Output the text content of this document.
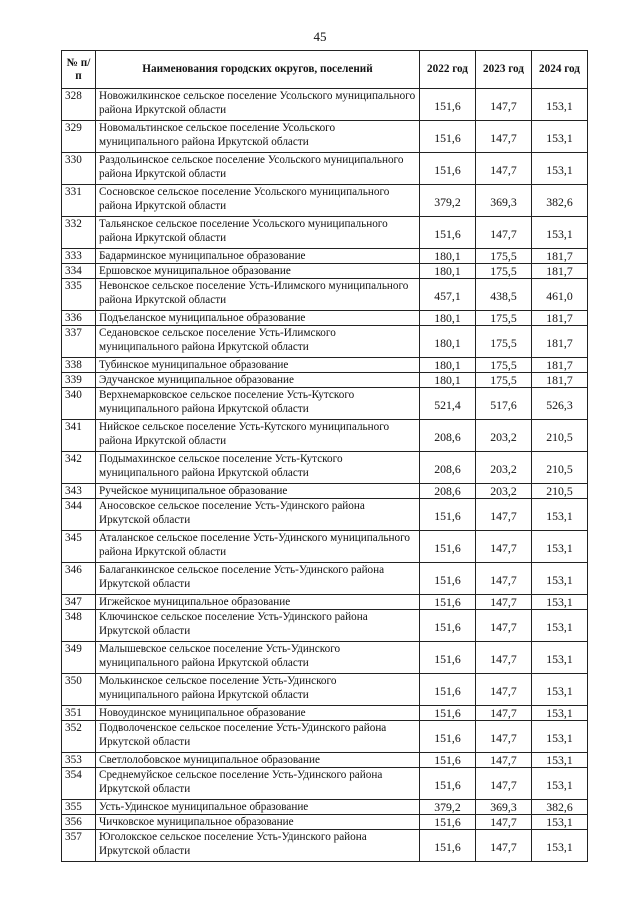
45
№ п/п	Наименования городских округов, поселений	2022 год	2023 год	2024 год
328	Новожилкинское сельское поселение Усольского муниципального района Иркутской области	151,6	147,7	153,1
329	Новомальтинское сельское поселение Усольского муниципального района Иркутской области	151,6	147,7	153,1
330	Раздольинское сельское поселение Усольского муниципального района Иркутской области	151,6	147,7	153,1
331	Сосновское сельское поселение Усольского муниципального района Иркутской области	379,2	369,3	382,6
332	Тальянское сельское поселение Усольского муниципального района Иркутской области	151,6	147,7	153,1
333	Бадарминское муниципальное образование	180,1	175,5	181,7
334	Ершовское муниципальное образование	180,1	175,5	181,7
335	Невонское сельское поселение Усть-Илимского муниципального района Иркутской области	457,1	438,5	461,0
336	Подъеланское муниципальное образование	180,1	175,5	181,7
337	Седановское сельское поселение Усть-Илимского муниципального района Иркутской области	180,1	175,5	181,7
338	Тубинское муниципальное образование	180,1	175,5	181,7
339	Эдучанское муниципальное образование	180,1	175,5	181,7
340	Верхнемарковское сельское поселение Усть-Кутского муниципального района Иркутской области	521,4	517,6	526,3
341	Нийское сельское поселение Усть-Кутского муниципального района Иркутской области	208,6	203,2	210,5
342	Подымахинское сельское поселение Усть-Кутского муниципального района Иркутской области	208,6	203,2	210,5
343	Ручейское муниципальное образование	208,6	203,2	210,5
344	Аносовское сельское поселение Усть-Удинского района Иркутской области	151,6	147,7	153,1
345	Аталанское сельское поселение Усть-Удинского муниципального района Иркутской области	151,6	147,7	153,1
346	Балаганкинское сельское поселение Усть-Удинского района Иркутской области	151,6	147,7	153,1
347	Игжейское муниципальное образование	151,6	147,7	153,1
348	Ключинское сельское поселение Усть-Удинского района Иркутской области	151,6	147,7	153,1
349	Малышевское сельское поселение Усть-Удинского муниципального района Иркутской области	151,6	147,7	153,1
350	Молькинское сельское поселение Усть-Удинского муниципального района Иркутской области	151,6	147,7	153,1
351	Новоудинское муниципальное образование	151,6	147,7	153,1
352	Подволоченское сельское поселение Усть-Удинского района Иркутской области	151,6	147,7	153,1
353	Светлолобовское муниципальное образование	151,6	147,7	153,1
354	Среднемуйское сельское поселение Усть-Удинского района Иркутской области	151,6	147,7	153,1
355	Усть-Удинское муниципальное образование	379,2	369,3	382,6
356	Чичковское муниципальное образование	151,6	147,7	153,1
357	Юголокское сельское поселение Усть-Удинского района Иркутской области	151,6	147,7	153,1
